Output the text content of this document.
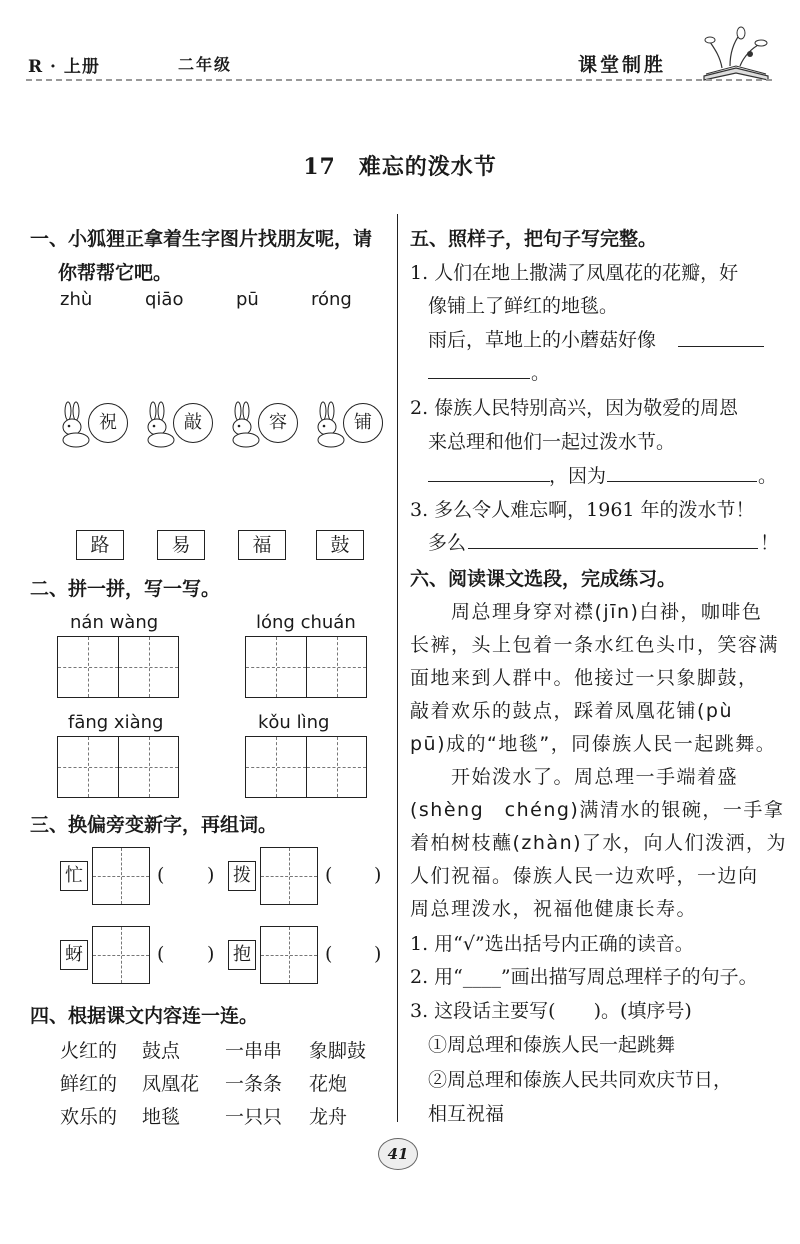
R · 上册	二年级	课堂制胜
17　难忘的泼水节
一、小狐狸正拿着生字图片找朋友呢，请
你帮帮它吧。
zhù	qiāo	pū	róng
祝	敲	容	铺
路	易	福	鼓
二、拼一拼，写一写。
nán wàng	lóng chuán
fāng xiàng	kǒu lìng
三、换偏旁变新字，再组词。
忙	( ) 拨	( )
蚜	( ) 抱	( )
四、根据课文内容连一连。
火红的 鼓点 一串串 象脚鼓
鲜红的 凤凰花 一条条 花炮
欢乐的 地毯 一只只 龙舟
五、照样子，把句子写完整。
1. 人们在地上撒满了凤凰花的花瓣，好
像铺上了鲜红的地毯。
雨后，草地上的小蘑菇好像
。
2. 傣族人民特别高兴，因为敬爱的周恩
来总理和他们一起过泼水节。
，因为	。
3. 多么令人难忘啊，1961 年的泼水节！
多么	！
六、阅读课文选段，完成练习。
　　周总理身穿对襟(jīn)白褂，咖啡色
长裤，头上包着一条水红色头巾，笑容满
面地来到人群中。他接过一只象脚鼓，
敲着欢乐的鼓点，踩着凤凰花铺(pù
pū)成的“地毯”，同傣族人民一起跳舞。
　　开始泼水了。周总理一手端着盛
(shèng　chéng)满清水的银碗，一手拿
着柏树枝蘸(zhàn)了水，向人们泼洒，为
人们祝福。傣族人民一边欢呼，一边向
周总理泼水，祝福他健康长寿。
1. 用“√”选出括号内正确的读音。
2. 用“____”画出描写周总理样子的句子。
3. 这段话主要写(　　)。(填序号)
①周总理和傣族人民一起跳舞
②周总理和傣族人民共同欢庆节日，
相互祝福
41
